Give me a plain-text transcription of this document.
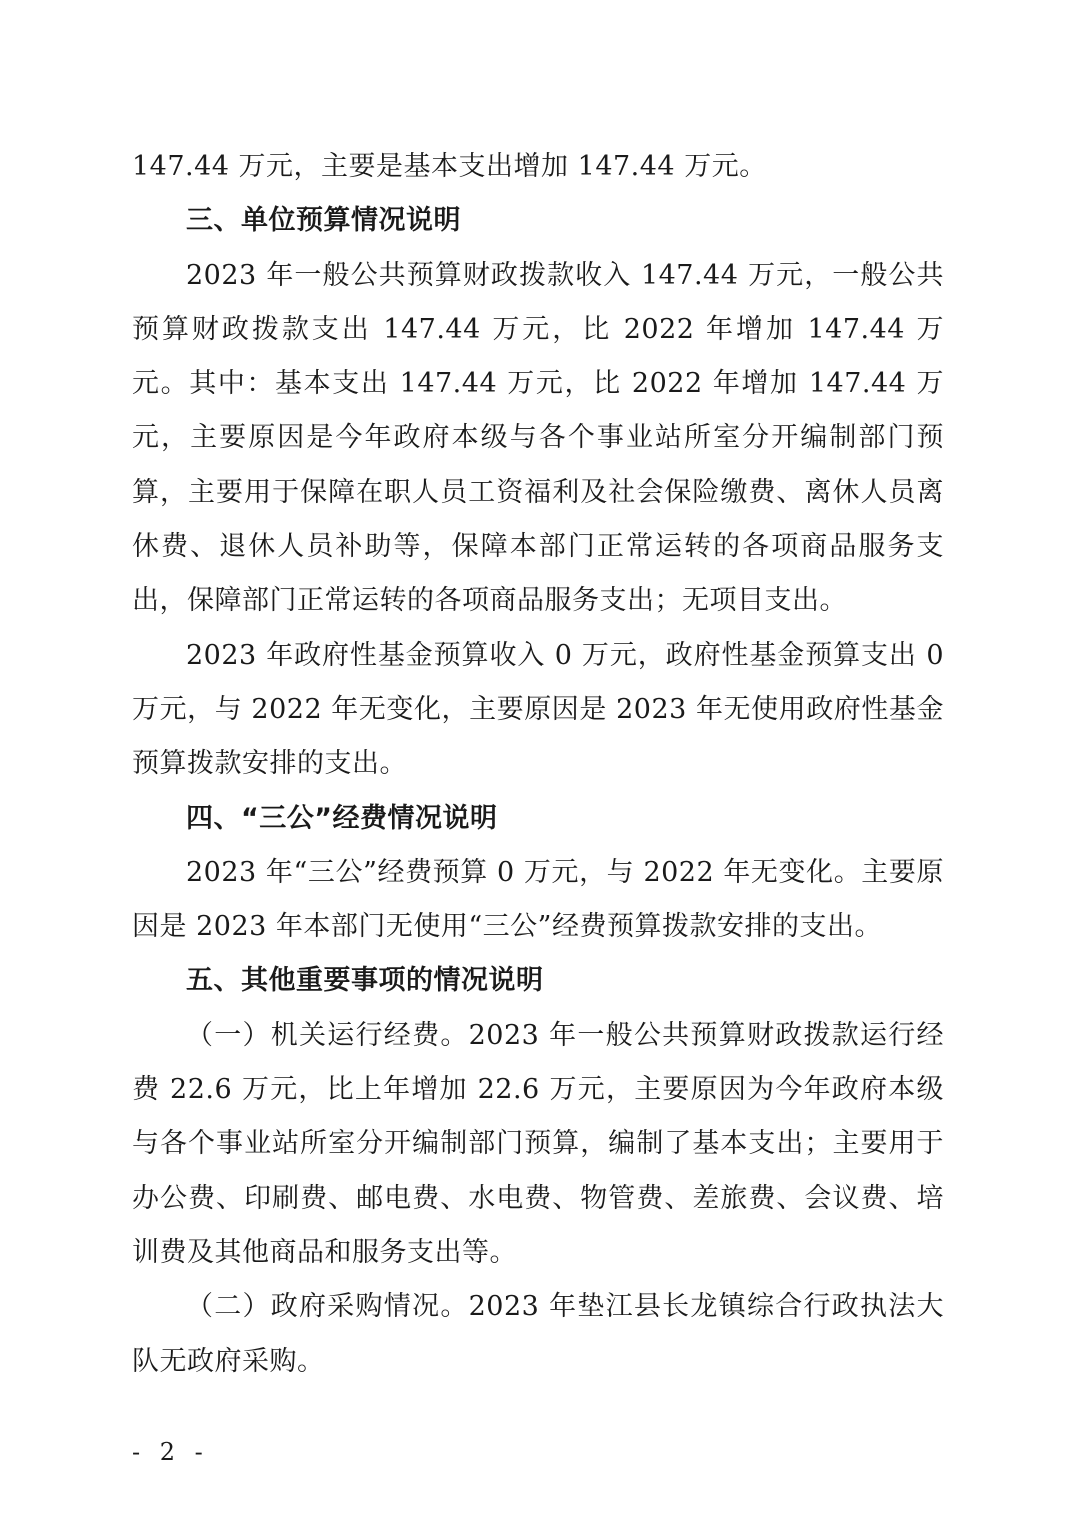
147.44 万元，主要是基本支出增加 147.44 万元。

三、单位预算情况说明

2023 年一般公共预算财政拨款收入 147.44 万元，一般公共预算财政拨款支出 147.44 万元，比 2022 年增加 147.44 万元。其中：基本支出 147.44 万元，比 2022 年增加 147.44 万元，主要原因是今年政府本级与各个事业站所室分开编制部门预算，主要用于保障在职人员工资福利及社会保险缴费、离休人员离休费、退休人员补助等，保障本部门正常运转的各项商品服务支出，保障部门正常运转的各项商品服务支出；无项目支出。

2023 年政府性基金预算收入 0 万元，政府性基金预算支出 0 万元，与 2022 年无变化，主要原因是 2023 年无使用政府性基金预算拨款安排的支出。

四、“三公”经费情况说明

2023 年“三公”经费预算 0 万元，与 2022 年无变化。主要原因是 2023 年本部门无使用“三公”经费预算拨款安排的支出。

五、其他重要事项的情况说明

（一）机关运行经费。2023 年一般公共预算财政拨款运行经费 22.6 万元，比上年增加 22.6 万元，主要原因为今年政府本级与各个事业站所室分开编制部门预算，编制了基本支出；主要用于办公费、印刷费、邮电费、水电费、物管费、差旅费、会议费、培训费及其他商品和服务支出等。

（二）政府采购情况。2023 年垫江县长龙镇综合行政执法大队无政府采购。

- 2 -
